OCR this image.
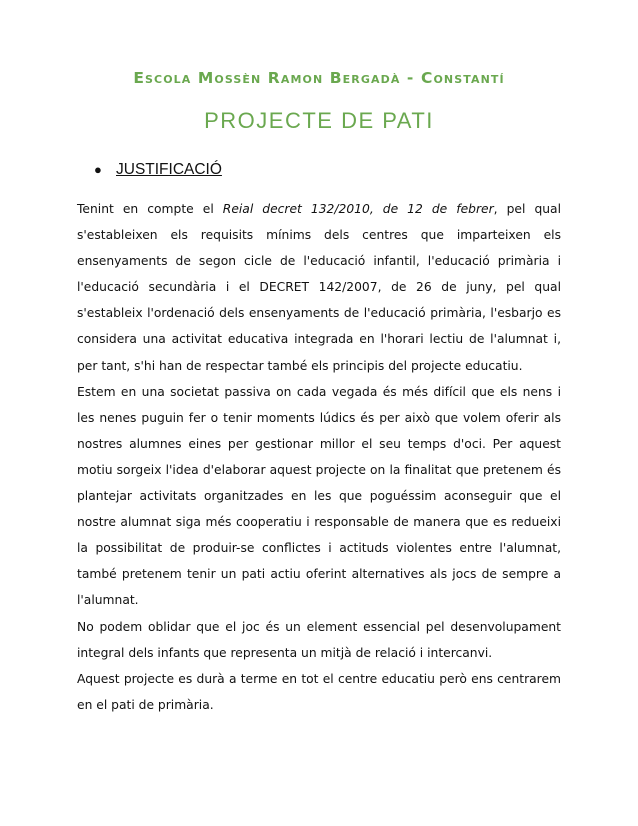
Escola Mossèn Ramon Bergadà - Constantí
PROJECTE DE PATI
● JUSTIFICACIÓ

Tenint en compte el Reial decret 132/2010, de 12 de febrer, pel qual s'estableixen els requisits mínims dels centres que imparteixen els ensenyaments de segon cicle de l'educació infantil, l'educació primària i l'educació secundària i el DECRET 142/2007, de 26 de juny, pel qual s'estableix l'ordenació dels ensenyaments de l'educació primària, l'esbarjo es considera una activitat educativa integrada en l'horari lectiu de l'alumnat i, per tant, s'hi han de respectar també els principis del projecte educatiu.

Estem en una societat passiva on cada vegada és més difícil que els nens i les nenes puguin fer o tenir moments lúdics és per això que volem oferir als nostres alumnes eines per gestionar millor el seu temps d'oci. Per aquest motiu sorgeix l'idea d'elaborar aquest projecte on la finalitat que pretenem és plantejar activitats organitzades en les que poguéssim aconseguir que el nostre alumnat siga més cooperatiu i responsable de manera que es redueixi la possibilitat de produir-se conflictes i actituds violentes entre l'alumnat, també pretenem tenir un pati actiu oferint alternatives als jocs de sempre a l'alumnat.

No podem oblidar que el joc és un element essencial pel desenvolupament integral dels infants que representa un mitjà de relació i intercanvi.

Aquest projecte es durà a terme en tot el centre educatiu però ens centrarem en el pati de primària.
